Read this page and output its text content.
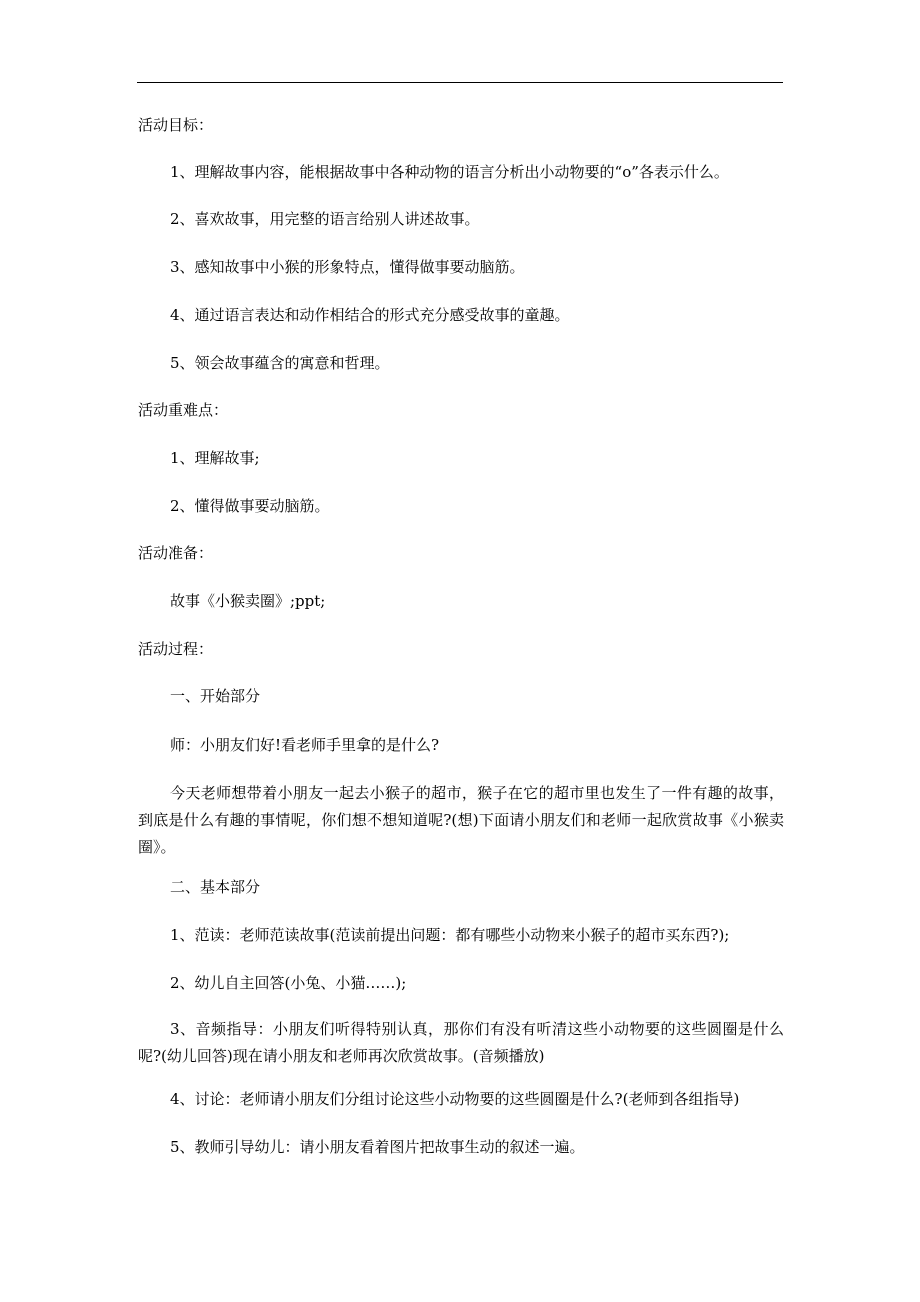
活动目标：
1、理解故事内容，能根据故事中各种动物的语言分析出小动物要的“o”各表示什么。
2、喜欢故事，用完整的语言给别人讲述故事。
3、感知故事中小猴的形象特点，懂得做事要动脑筋。
4、通过语言表达和动作相结合的形式充分感受故事的童趣。
5、领会故事蕴含的寓意和哲理。
活动重难点：
1、理解故事;
2、懂得做事要动脑筋。
活动准备：
故事《小猴卖圈》;ppt;
活动过程：
一、开始部分
师：小朋友们好!看老师手里拿的是什么?
今天老师想带着小朋友一起去小猴子的超市，猴子在它的超市里也发生了一件有趣的故事，到底是什么有趣的事情呢，你们想不想知道呢?(想)下面请小朋友们和老师一起欣赏故事《小猴卖圈》。
二、基本部分
1、范读：老师范读故事(范读前提出问题：都有哪些小动物来小猴子的超市买东西?);
2、幼儿自主回答(小兔、小猫……);
3、音频指导：小朋友们听得特别认真，那你们有没有听清这些小动物要的这些圆圈是什么呢?(幼儿回答)现在请小朋友和老师再次欣赏故事。(音频播放)
4、讨论：老师请小朋友们分组讨论这些小动物要的这些圆圈是什么?(老师到各组指导)
5、教师引导幼儿：请小朋友看着图片把故事生动的叙述一遍。
